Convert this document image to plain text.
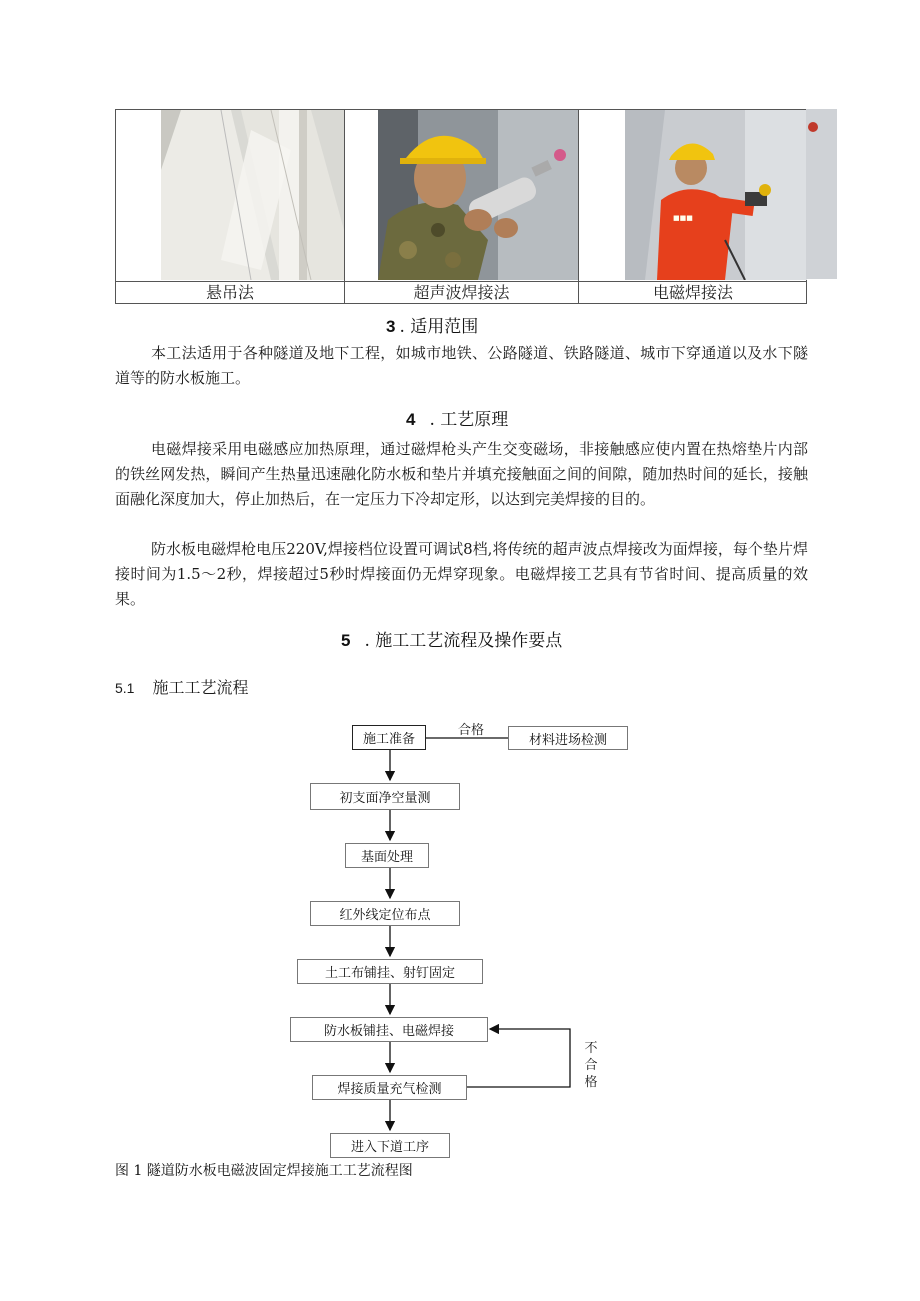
■■■
悬吊法	超声波焊接法	电磁焊接法
3 . 适用范围

本工法适用于各种隧道及地下工程，如城市地铁、公路隧道、铁路隧道、城市下穿通道以及水下隧道等的防水板施工。

4 . 工艺原理

电磁焊接采用电磁感应加热原理，通过磁焊枪头产生交变磁场，非接触感应使内置在热熔垫片内部的铁丝网发热，瞬间产生热量迅速融化防水板和垫片并填充接触面之间的间隙，随加热时间的延长，接触面融化深度加大，停止加热后，在一定压力下冷却定形，以达到完美焊接的目的。

防水板电磁焊枪电压220V,焊接档位设置可调试8档,将传统的超声波点焊接改为面焊接，每个垫片焊接时间为1.5～2秒，焊接超过5秒时焊接面仍无焊穿现象。电磁焊接工艺具有节省时间、提高质量的效果。

5 . 施工工艺流程及操作要点
5.1 施工工艺流程
施工准备	材料进场检测
合格
初支面净空量测
基面处理
红外线定位布点
土工布铺挂、射钉固定
防水板铺挂、电磁焊接
焊接质量充气检测
进入下道工序
不
合
格
图 1 隧道防水板电磁波固定焊接施工工艺流程图
